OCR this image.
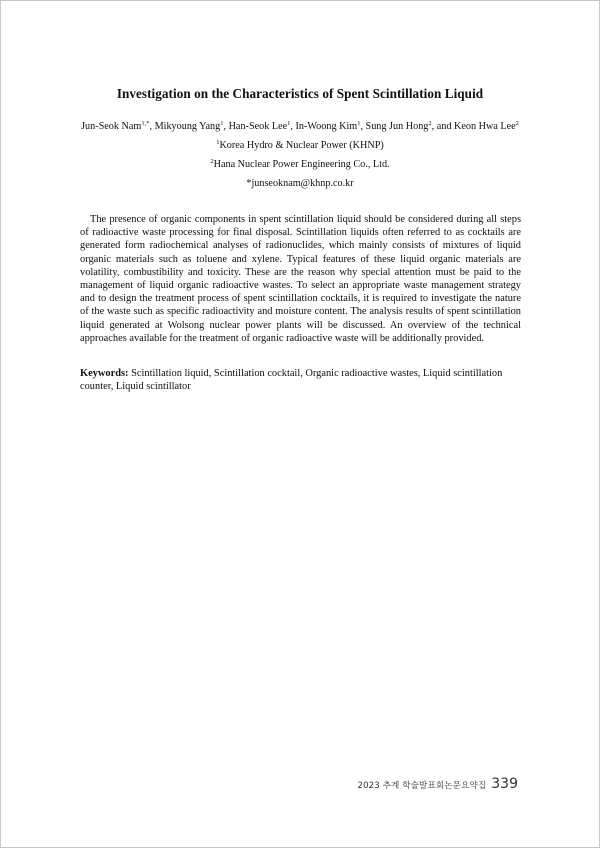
Investigation on the Characteristics of Spent Scintillation Liquid
Jun-Seok Nam$^{1,*}$, Mikyoung Yang$^1$, Han-Seok Lee$^1$, In-Woong Kim$^1$, Sung Jun Hong$^2$, and Keon Hwa Lee$^2$
$^1$Korea Hydro & Nuclear Power (KHNP)
$^2$Hana Nuclear Power Engineering Co., Ltd.
*junseoknam@khnp.co.kr

The presence of organic components in spent scintillation liquid should be considered during all steps of radioactive waste processing for final disposal. Scintillation liquids often referred to as cocktails are generated form radiochemical analyses of radionuclides, which mainly consists of mixtures of liquid organic materials such as toluene and xylene. Typical features of these liquid organic materials are volatility, combustibility and toxicity. These are the reason why special attention must be paid to the management of liquid organic radioactive wastes. To select an appropriate waste management strategy and to design the treatment process of spent scintillation cocktails, it is required to investigate the nature of the waste such as specific radioactivity and moisture content. The analysis results of spent scintillation liquid generated at Wolsong nuclear power plants will be discussed. An overview of the technical approaches available for the treatment of organic radioactive waste will be additionally provided.

Keywords: Scintillation liquid, Scintillation cocktail, Organic radioactive wastes, Liquid scintillation counter, Liquid scintillator

2023 추계 학술발표회논문요약집 339
